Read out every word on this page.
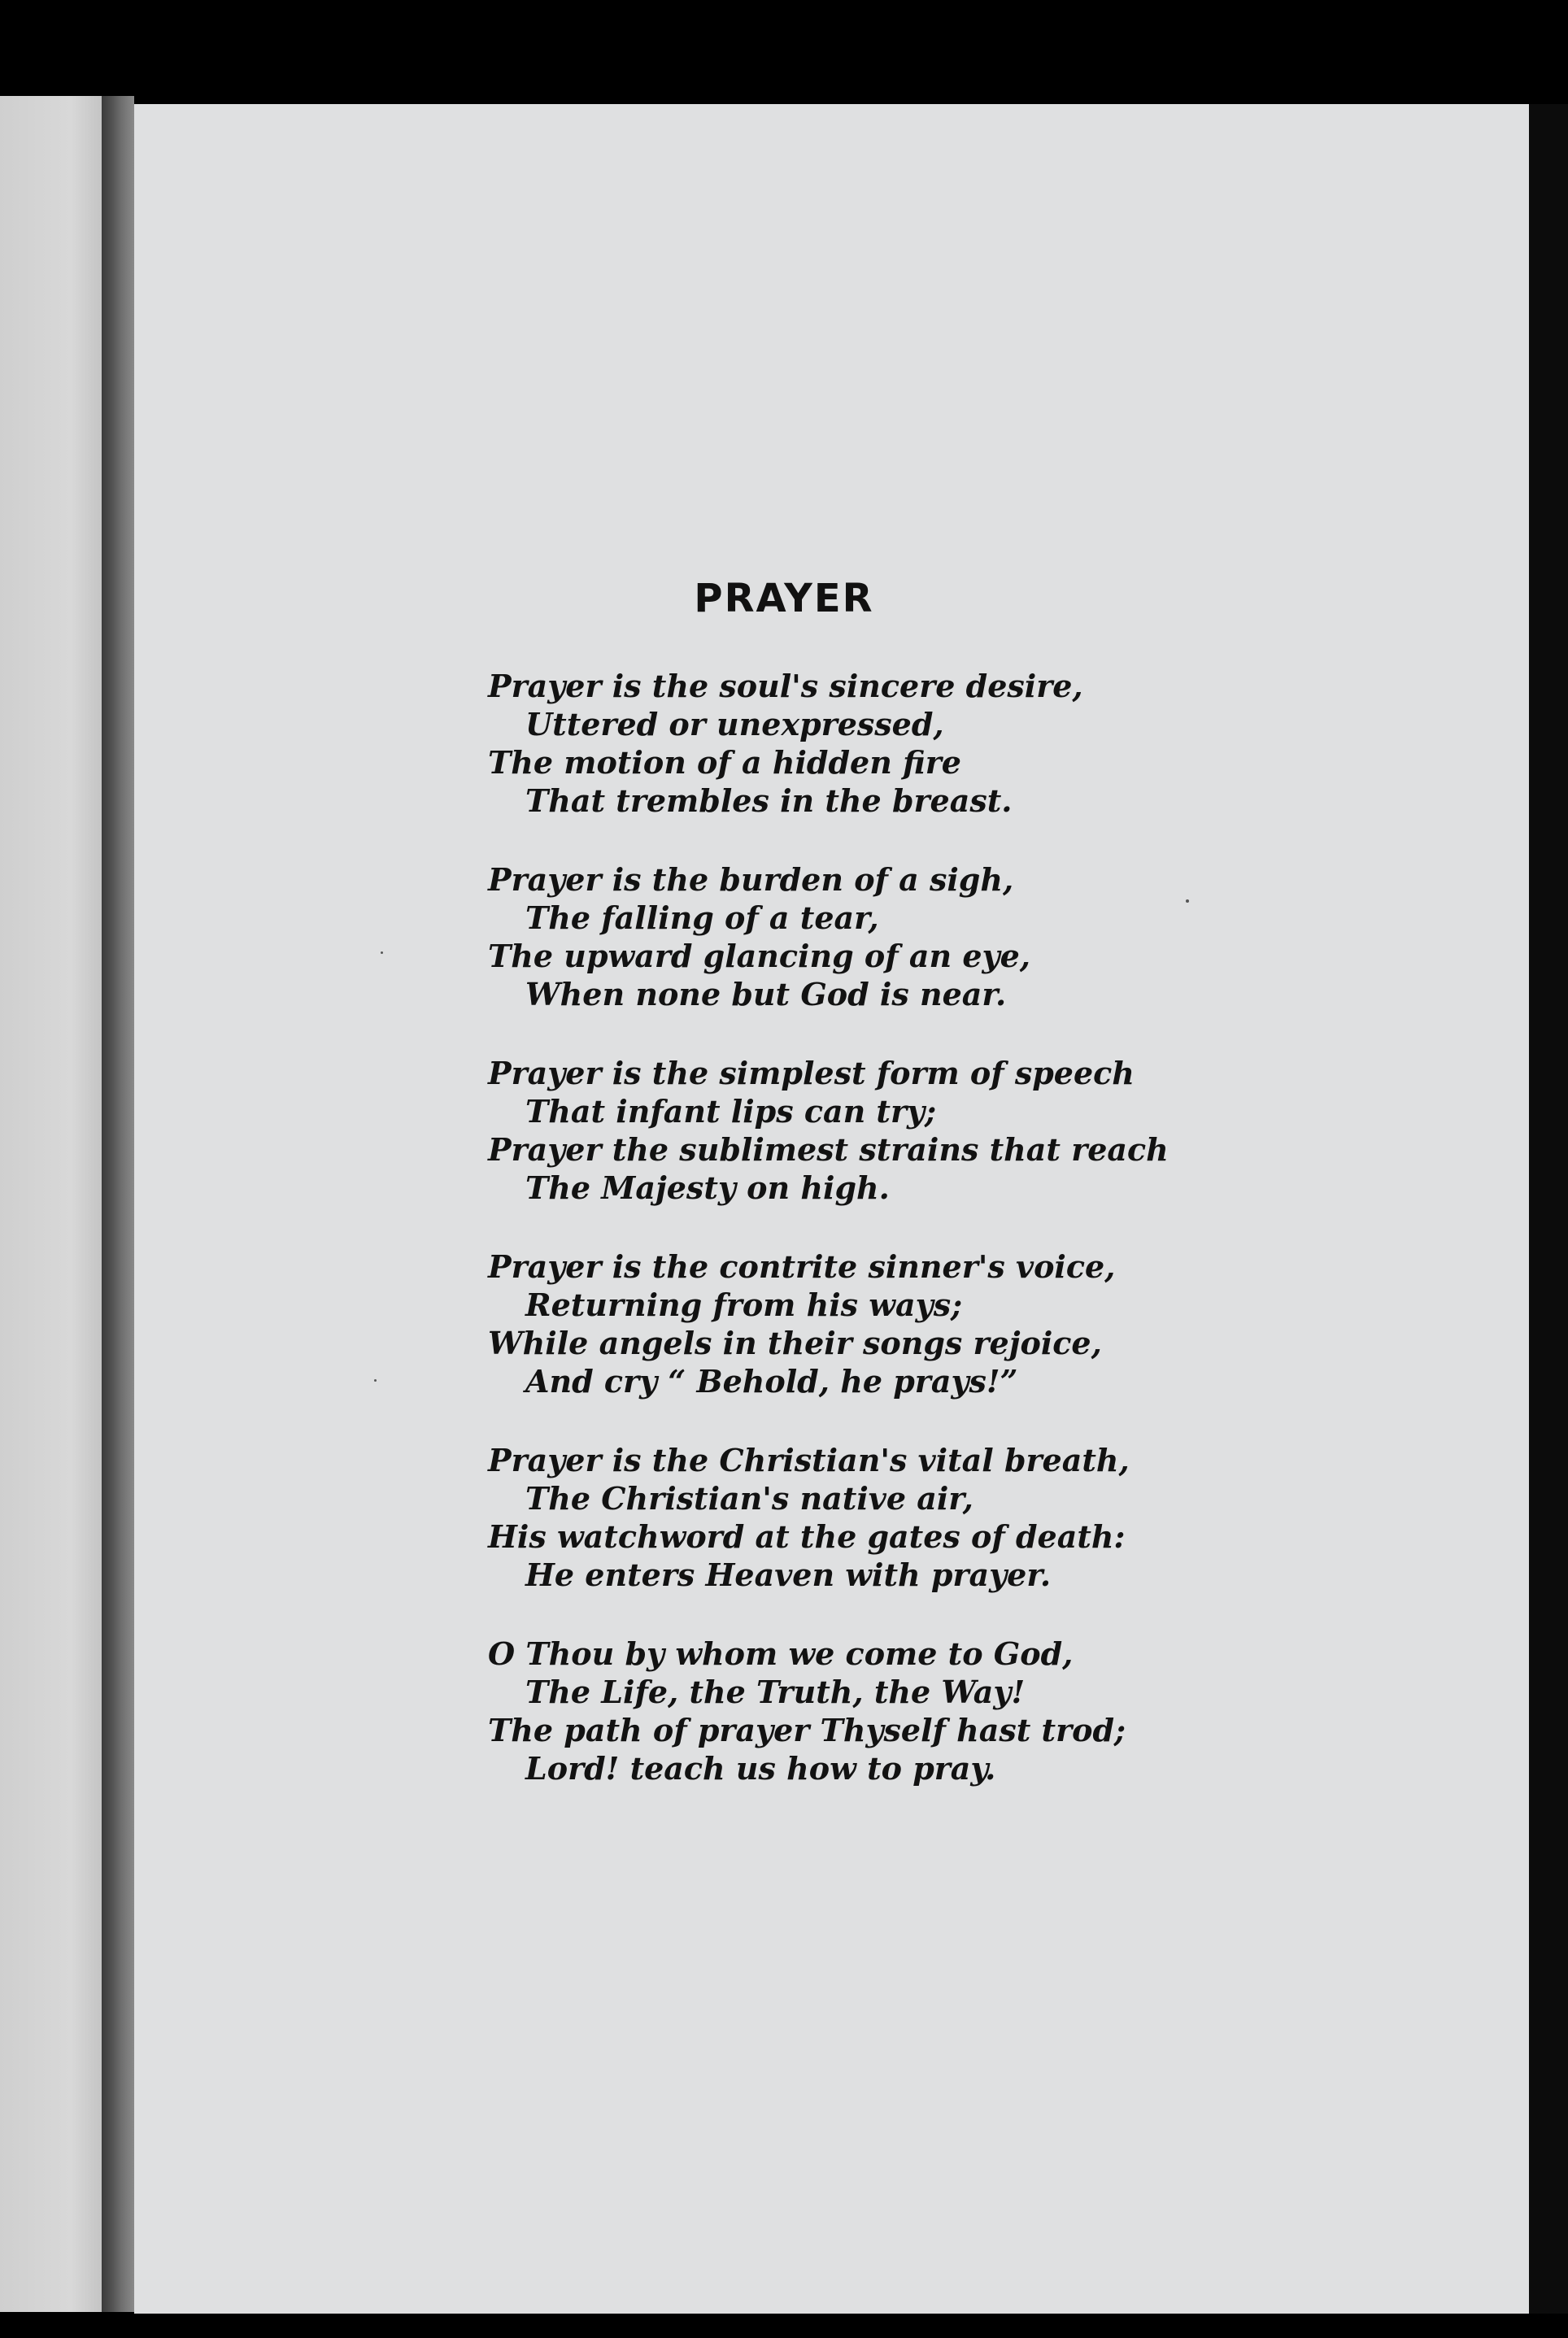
PRAYER
Prayer is the soul's sincere desire,
Uttered or unexpressed,
The motion of a hidden fire
That trembles in the breast.
Prayer is the burden of a sigh,
The falling of a tear,
The upward glancing of an eye,
When none but God is near.
Prayer is the simplest form of speech
That infant lips can try;
Prayer the sublimest strains that reach
The Majesty on high.
Prayer is the contrite sinner's voice,
Returning from his ways;
While angels in their songs rejoice,
And cry “ Behold, he prays!”
Prayer is the Christian's vital breath,
The Christian's native air,
His watchword at the gates of death:
He enters Heaven with prayer.
O Thou by whom we come to God,
The Life, the Truth, the Way!
The path of prayer Thyself hast trod;
Lord! teach us how to pray.
